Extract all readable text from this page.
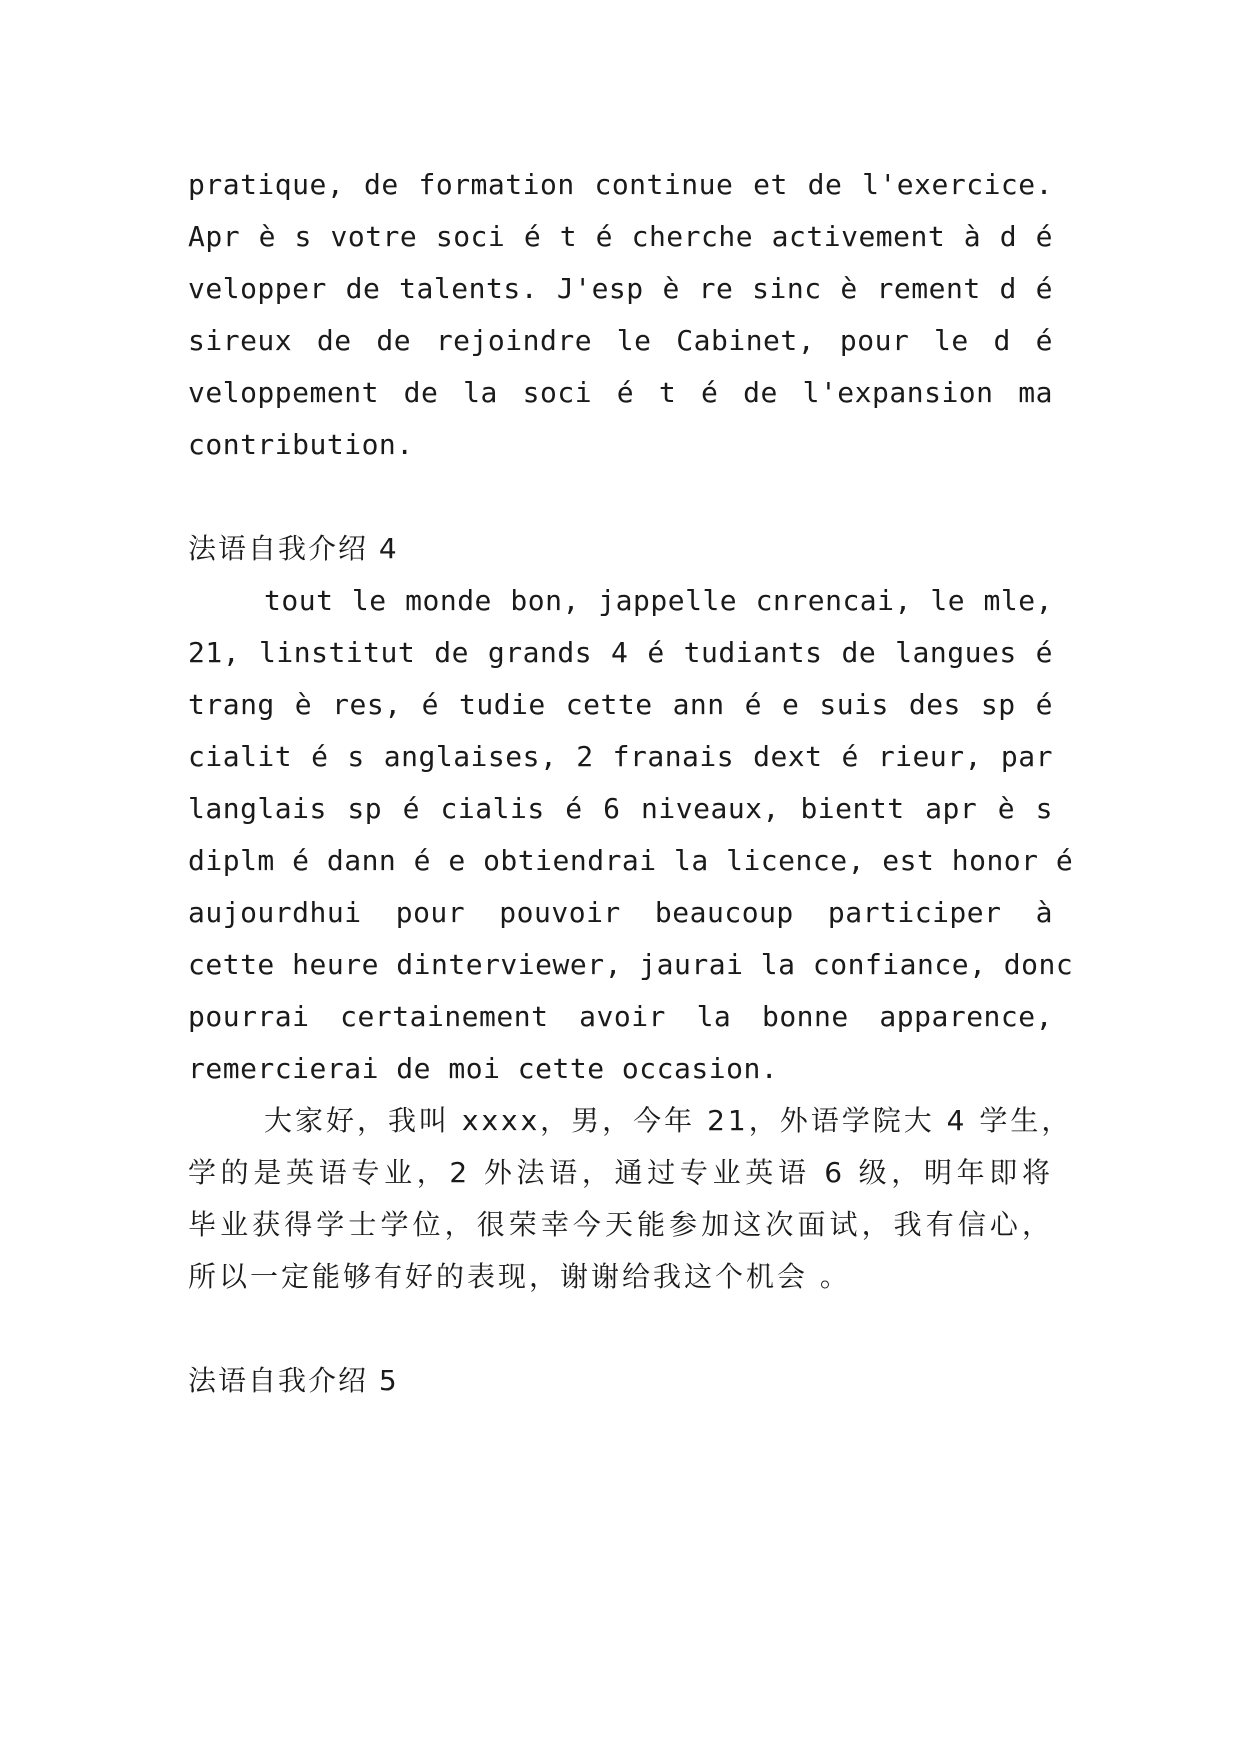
pratique, de formation continue et de l'exercice.
Apr è s votre soci é t é cherche activement à d é
velopper de talents. J'esp è re sinc è rement d é
sireux de de rejoindre le Cabinet, pour le d é
veloppement de la soci é t é de l'expansion ma
contribution.
法语自我介绍 4
tout le monde bon, jappelle cnrencai, le mle,
21, linstitut de grands 4 é tudiants de langues é
trang è res, é tudie cette ann é e suis des sp é
cialit é s anglaises, 2 franais dext é rieur, par
langlais sp é cialis é 6 niveaux, bientt apr è s
diplm é dann é e obtiendrai la licence, est honor é
aujourdhui pour pouvoir beaucoup participer à
cette heure dinterviewer, jaurai la confiance, donc
pourrai certainement avoir la bonne apparence,
remercierai de moi cette occasion.
大家好，我叫 xxxx，男，今年 21，外语学院大 4 学生，
学的是英语专业，2 外法语，通过专业英语 6 级，明年即将
毕业获得学士学位，很荣幸今天能参加这次面试，我有信心，
所以一定能够有好的表现，谢谢给我这个机会 。
法语自我介绍 5
